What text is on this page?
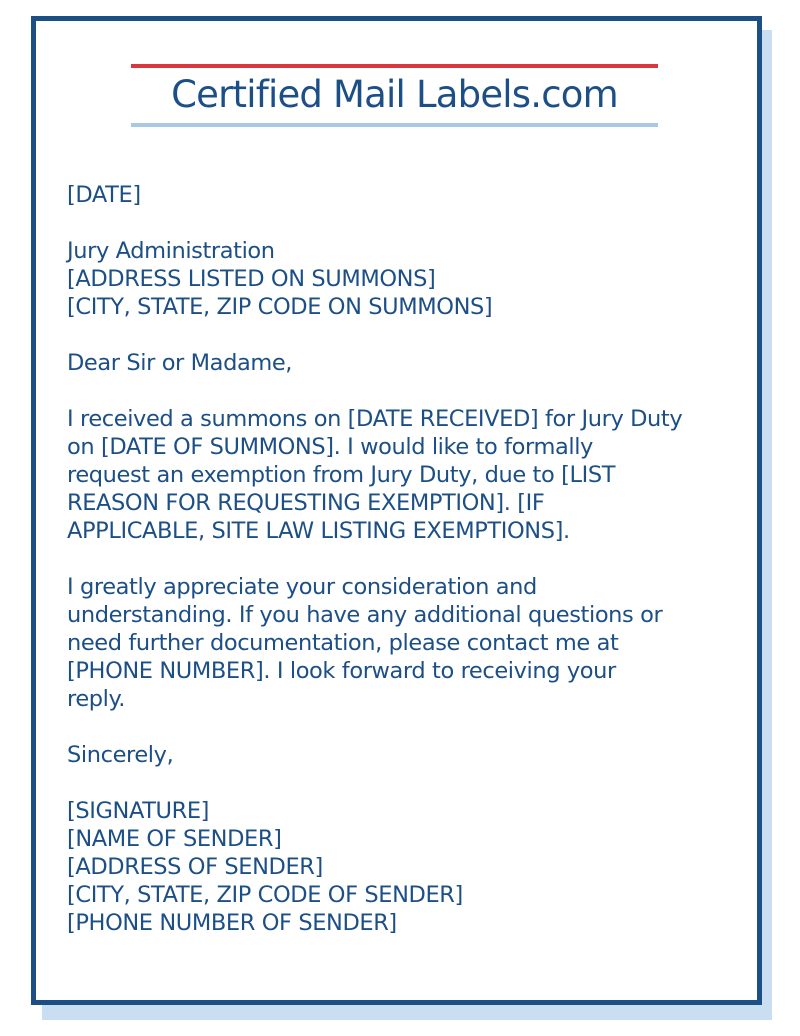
Certified Mail Labels.com
[DATE]
Jury Administration
[ADDRESS LISTED ON SUMMONS]
[CITY, STATE, ZIP CODE ON SUMMONS]
Dear Sir or Madame,
I received a summons on [DATE RECEIVED] for Jury Duty
on [DATE OF SUMMONS]. I would like to formally
request an exemption from Jury Duty, due to [LIST
REASON FOR REQUESTING EXEMPTION]. [IF
APPLICABLE, SITE LAW LISTING EXEMPTIONS].
I greatly appreciate your consideration and
understanding. If you have any additional questions or
need further documentation, please contact me at
[PHONE NUMBER]. I look forward to receiving your
reply.
Sincerely,
[SIGNATURE]
[NAME OF SENDER]
[ADDRESS OF SENDER]
[CITY, STATE, ZIP CODE OF SENDER]
[PHONE NUMBER OF SENDER]
